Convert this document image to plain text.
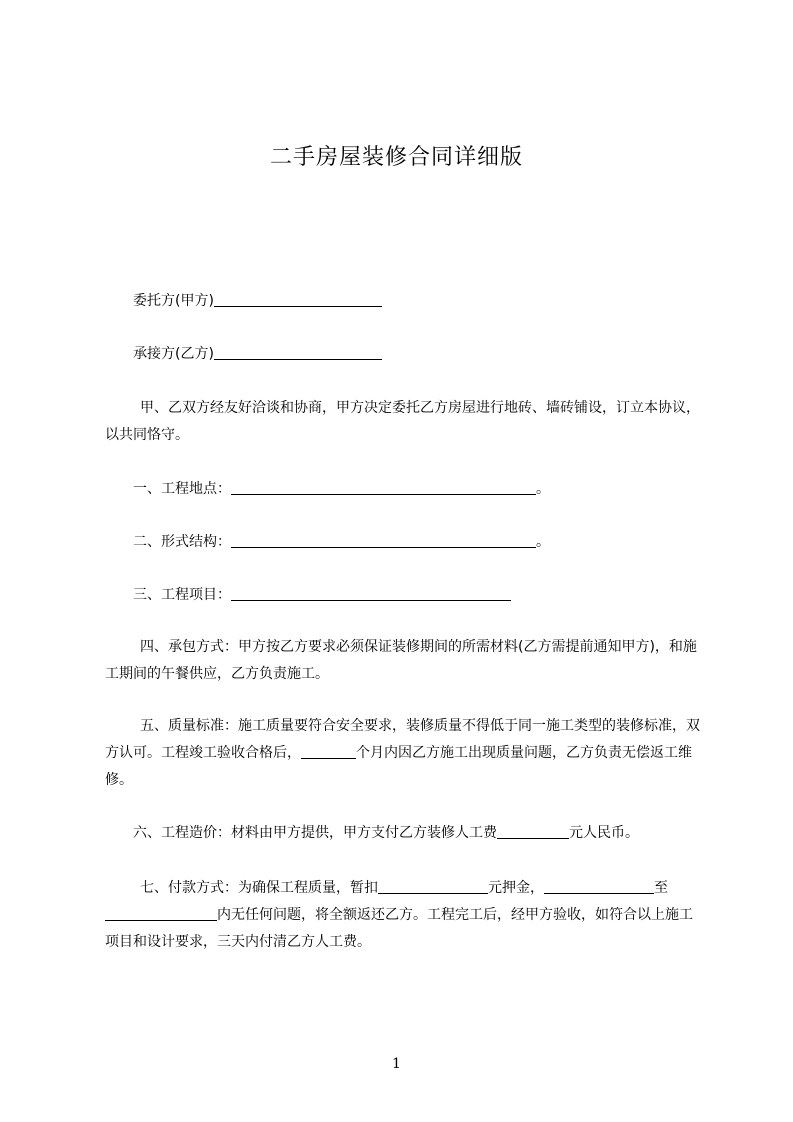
二手房屋装修合同详细版
委托方(甲方)
承接方(乙方)
甲、乙双方经友好洽谈和协商，甲方决定委托乙方房屋进行地砖、墙砖铺设，订立本协议，以共同恪守。
一、工程地点：	。
二、形式结构：	。
三、工程项目：
四、承包方式：甲方按乙方要求必须保证装修期间的所需材料(乙方需提前通知甲方)，和施工期间的午餐供应，乙方负责施工。
五、质量标准：施工质量要符合安全要求，装修质量不得低于同一施工类型的装修标准，双方认可。工程竣工验收合格后，	个月内因乙方施工出现质量问题，乙方负责无偿返工维修。
六、工程造价：材料由甲方提供，甲方支付乙方装修人工费	元人民币。
七、付款方式：为确保工程质量，暂扣	元押金，	至内无任何问题，将全额返还乙方。工程完工后，经甲方验收，如符合以上施工项目和设计要求，三天内付清乙方人工费。
1
